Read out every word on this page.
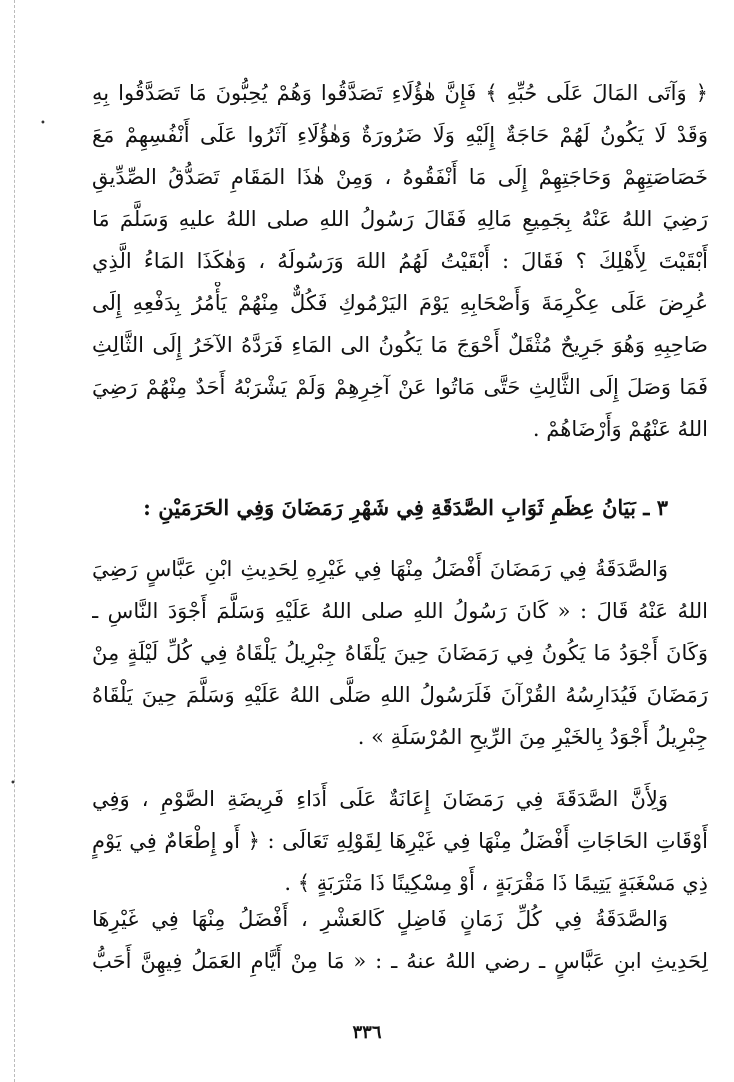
•
•
﴿ وَآتَى المَالَ عَلَى حُبِّهِ ﴾ فَإِنَّ هٰؤُلَاءِ تَصَدَّقُوا وَهُمْ يُحِبُّونَ مَا تَصَدَّقُوا بِهِ
وَقَدْ لَا يَكُونُ لَهُمْ حَاجَةٌ إِلَيْهِ وَلَا ضَرُورَةٌ وَهٰؤُلَاءِ آثَرُوا عَلَى أَنْفُسِهِمْ مَعَ
خَصَاصَتِهِمْ وَحَاجَتِهِمْ إِلَى مَا أَنْفَقُوهُ ، وَمِنْ هٰذَا المَقَامِ تَصَدُّقُ الصِّدِّيقِ
رَضِيَ اللهُ عَنْهُ بِجَمِيعِ مَالِهِ فَقَالَ رَسُولُ اللهِ صلى اللهُ عليهِ وَسَلَّمَ مَا
أَبْقَيْتَ لِأَهْلِكَ ؟ فَقَالَ : أَبْقَيْتُ لَهُمُ اللهَ وَرَسُولَهُ ، وَهٰكَذَا المَاءُ الَّذِي
عُرِضَ عَلَى عِكْرِمَةَ وَأَصْحَابِهِ يَوْمَ اليَرْمُوكِ فَكُلٌّ مِنْهُمْ يَأْمُرُ بِدَفْعِهِ إِلَى
صَاحِبِهِ وَهُوَ جَرِيحٌ مُثْقَلٌ أَحْوَجَ مَا يَكُونُ الى المَاءِ فَرَدَّهُ الآخَرُ إِلَى الثَّالِثِ
فَمَا وَصَلَ إِلَى الثَّالِثِ حَتَّى مَاتُوا عَنْ آخِرِهِمْ وَلَمْ يَشْرَبْهُ أَحَدٌ مِنْهُمْ رَضِيَ
اللهُ عَنْهُمْ وَأَرْضَاهُمْ .
٣ ـ بَيَانُ عِظَمِ ثَوَابِ الصَّدَقَةِ فِي شَهْرِ رَمَضَانَ وَفِي الحَرَمَيْنِ :
وَالصَّدَقَةُ فِي رَمَضَانَ أَفْضَلُ مِنْهَا فِي غَيْرِهِ لِحَدِيثِ ابْنِ عَبَّاسٍ رَضِيَ
اللهُ عَنْهُ قَالَ : « كَانَ رَسُولُ اللهِ صلى اللهُ عَلَيْهِ وَسَلَّمَ أَجْوَدَ النَّاسِ ـ
وَكَانَ أَجْوَدُ مَا يَكُونُ فِي رَمَضَانَ حِينَ يَلْقَاهُ جِبْرِيلُ يَلْقَاهُ فِي كُلِّ لَيْلَةٍ مِنْ
رَمَضَانَ فَيُدَارِسُهُ القُرْآنَ فَلَرَسُولُ اللهِ صَلَّى اللهُ عَلَيْهِ وَسَلَّمَ حِينَ يَلْقَاهُ
جِبْرِيلُ أَجْوَدُ بِالخَيْرِ مِنَ الرِّيحِ المُرْسَلَةِ » .
وَلِأَنَّ الصَّدَقَةَ فِي رَمَضَانَ إِعَانَةٌ عَلَى أَدَاءِ فَرِيضَةِ الصَّوْمِ ، وَفِي
أَوْقَاتِ الحَاجَاتِ أَفْضَلُ مِنْهَا فِي غَيْرِهَا لِقَوْلِهِ تَعَالَى : ﴿ أَو إِطْعَامٌ فِي يَوْمٍ
ذِي مَسْغَبَةٍ يَتِيمًا ذَا مَقْرَبَةٍ ، أَوْ مِسْكِينًا ذَا مَتْرَبَةٍ ﴾ .
وَالصَّدَقَةُ فِي كُلِّ زَمَانٍ فَاضِلٍ كَالعَشْرِ ، أَفْضَلُ مِنْهَا فِي غَيْرِهَا
لِحَدِيثِ ابنِ عَبَّاسٍ ـ رضي اللهُ عنهُ ـ : « مَا مِنْ أَيَّامِ العَمَلُ فِيهِنَّ أَحَبُّ
٣٣٦
